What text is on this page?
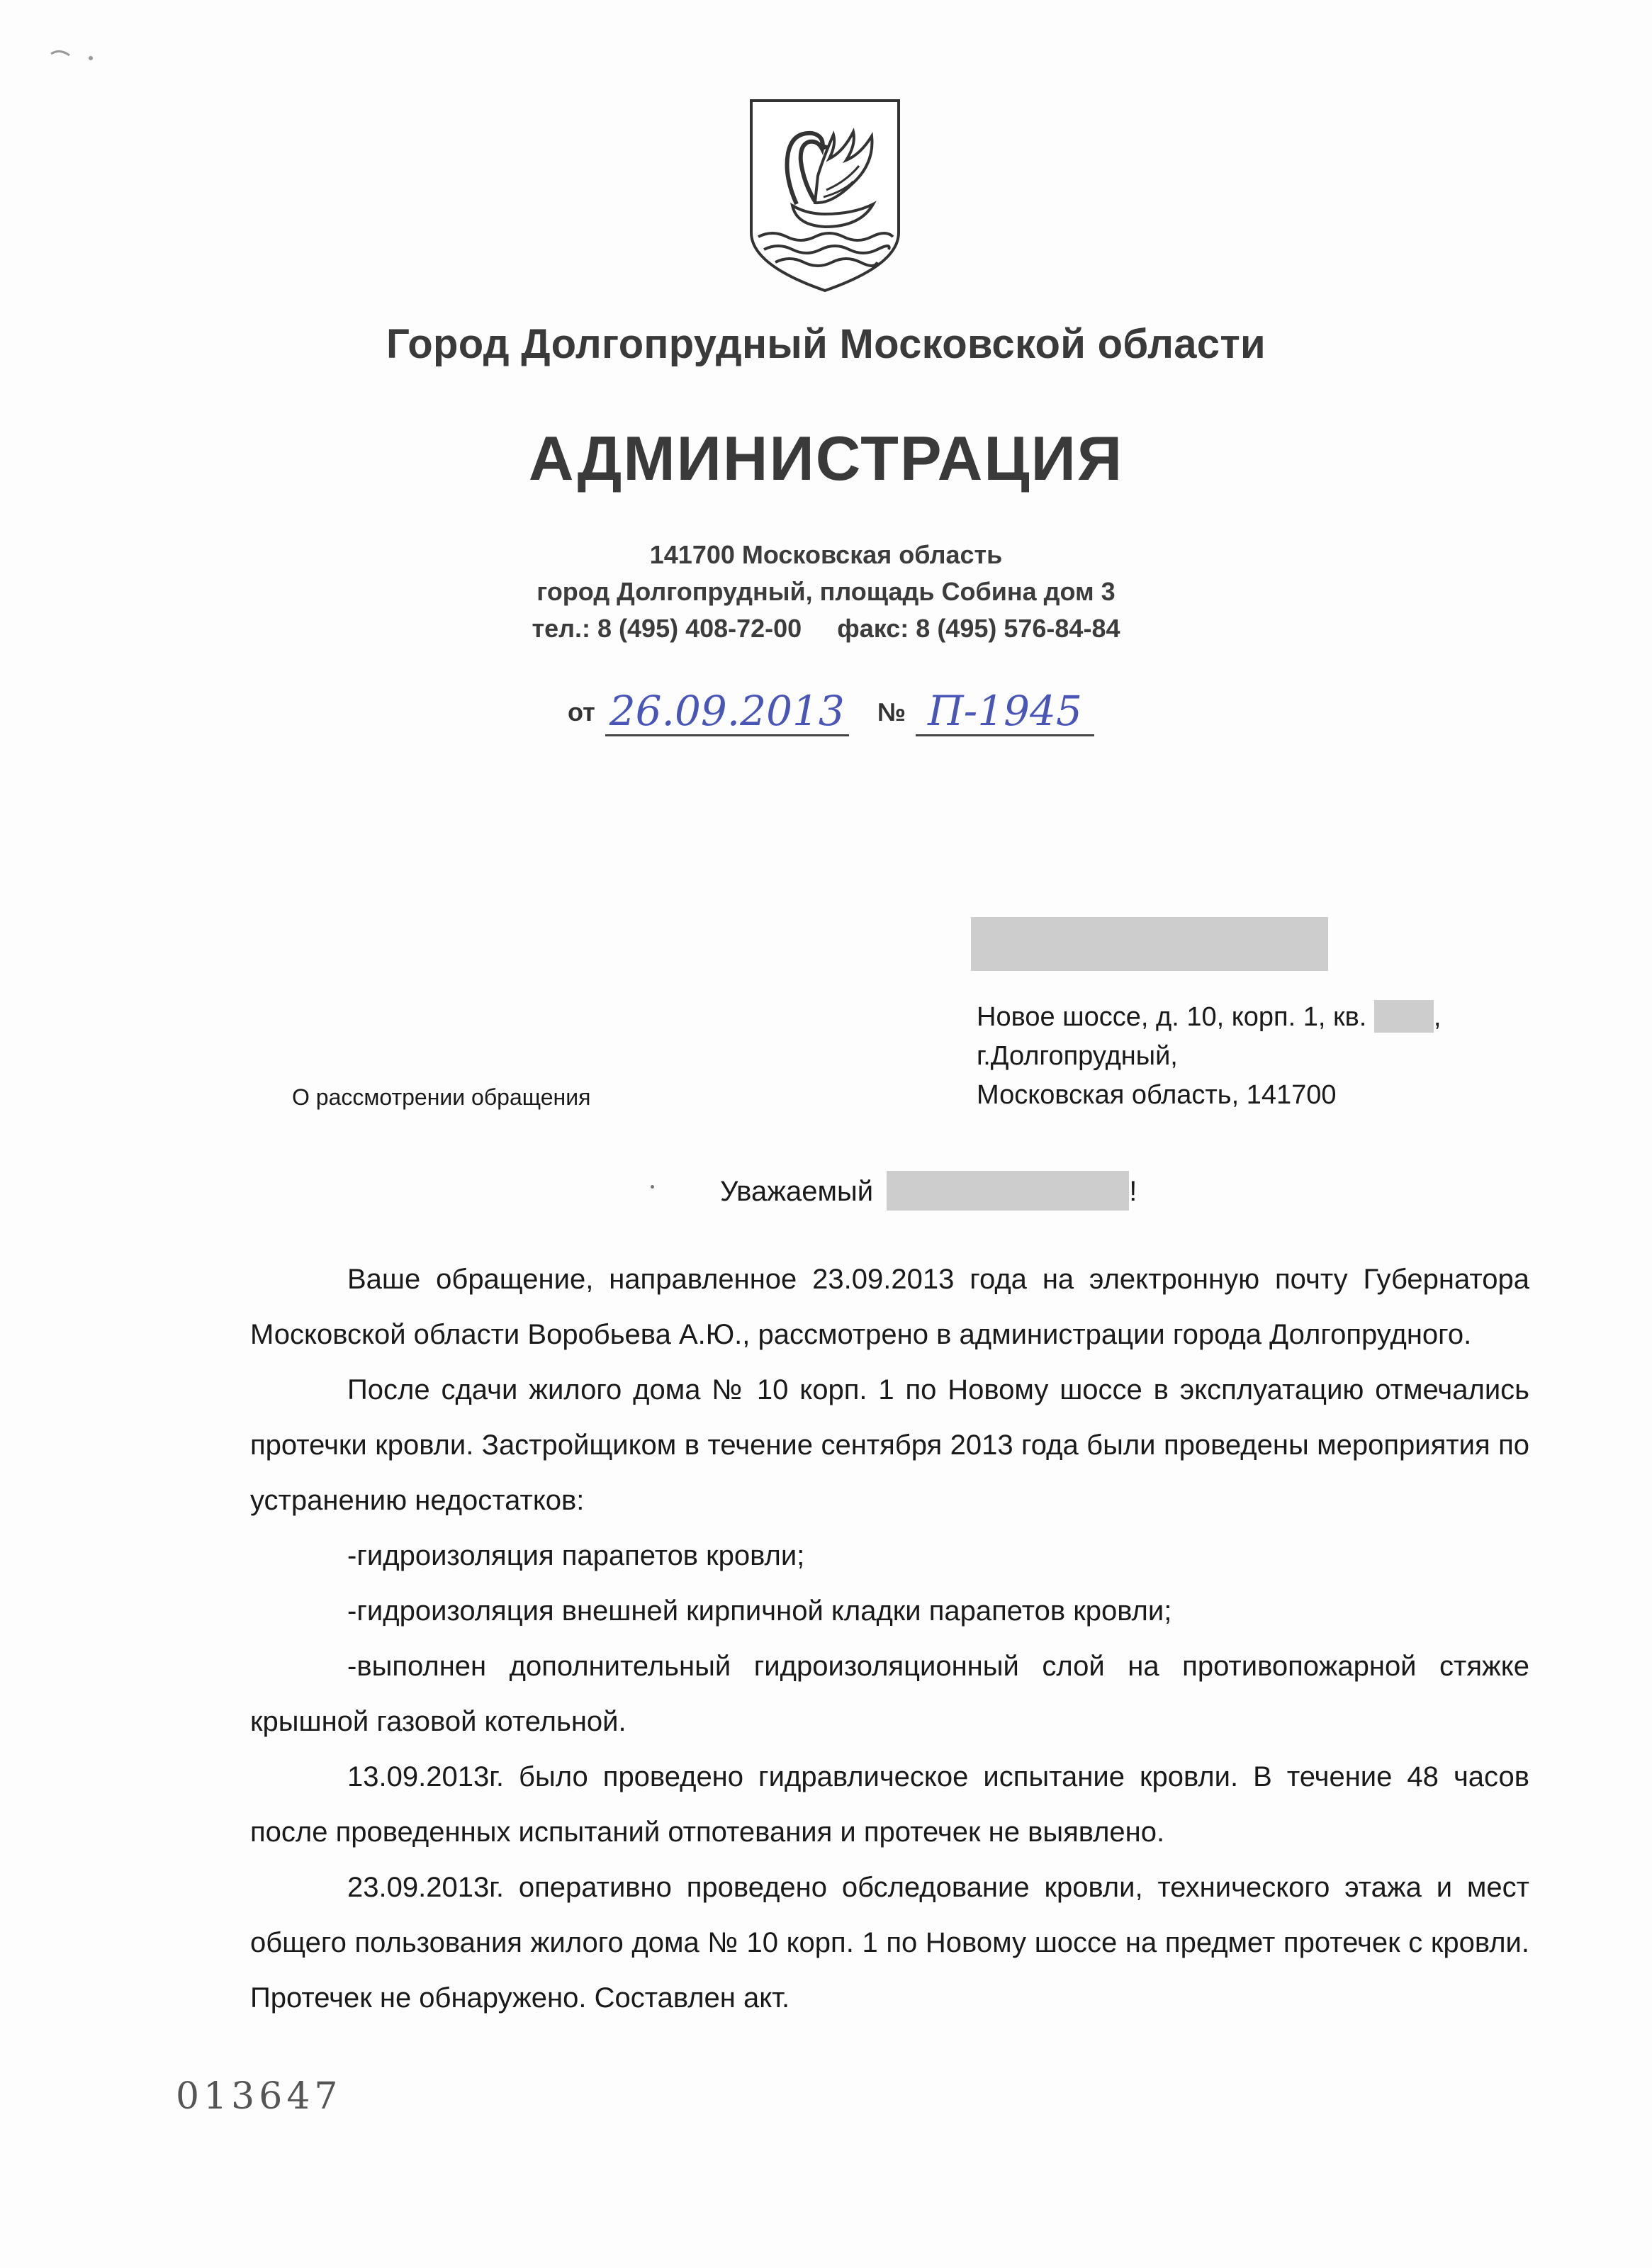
Город Долгопрудный Московской области
АДМИНИСТРАЦИЯ
141700 Московская область
город Долгопрудный, площадь Собина дом 3
тел.: 8 (495) 408-72-00 факс: 8 (495) 576-84-84
от 26.09.2013 № П-1945
Новое шоссе, д. 10, корп. 1, кв. ,
г.Долгопрудный,
Московская область, 141700
О рассмотрении обращения
Уважаемый	!

Ваше обращение, направленное 23.09.2013 года на электронную почту Губернатора Московской области Воробьева А.Ю., рассмотрено в администрации города Долгопрудного.

После сдачи жилого дома № 10 корп. 1 по Новому шоссе в эксплуатацию отмечались протечки кровли. Застройщиком в течение сентября 2013 года были проведены мероприятия по устранению недостатков:

-гидроизоляция парапетов кровли;

-гидроизоляция внешней кирпичной кладки парапетов кровли;

-выполнен дополнительный гидроизоляционный слой на противопожарной стяжке крышной газовой котельной.

13.09.2013г. было проведено гидравлическое испытание кровли. В течение 48 часов после проведенных испытаний отпотевания и протечек не выявлено.

23.09.2013г. оперативно проведено обследование кровли, технического этажа и мест общего пользования жилого дома № 10 корп. 1 по Новому шоссе на предмет протечек с кровли. Протечек не обнаружено. Составлен акт.

013647
